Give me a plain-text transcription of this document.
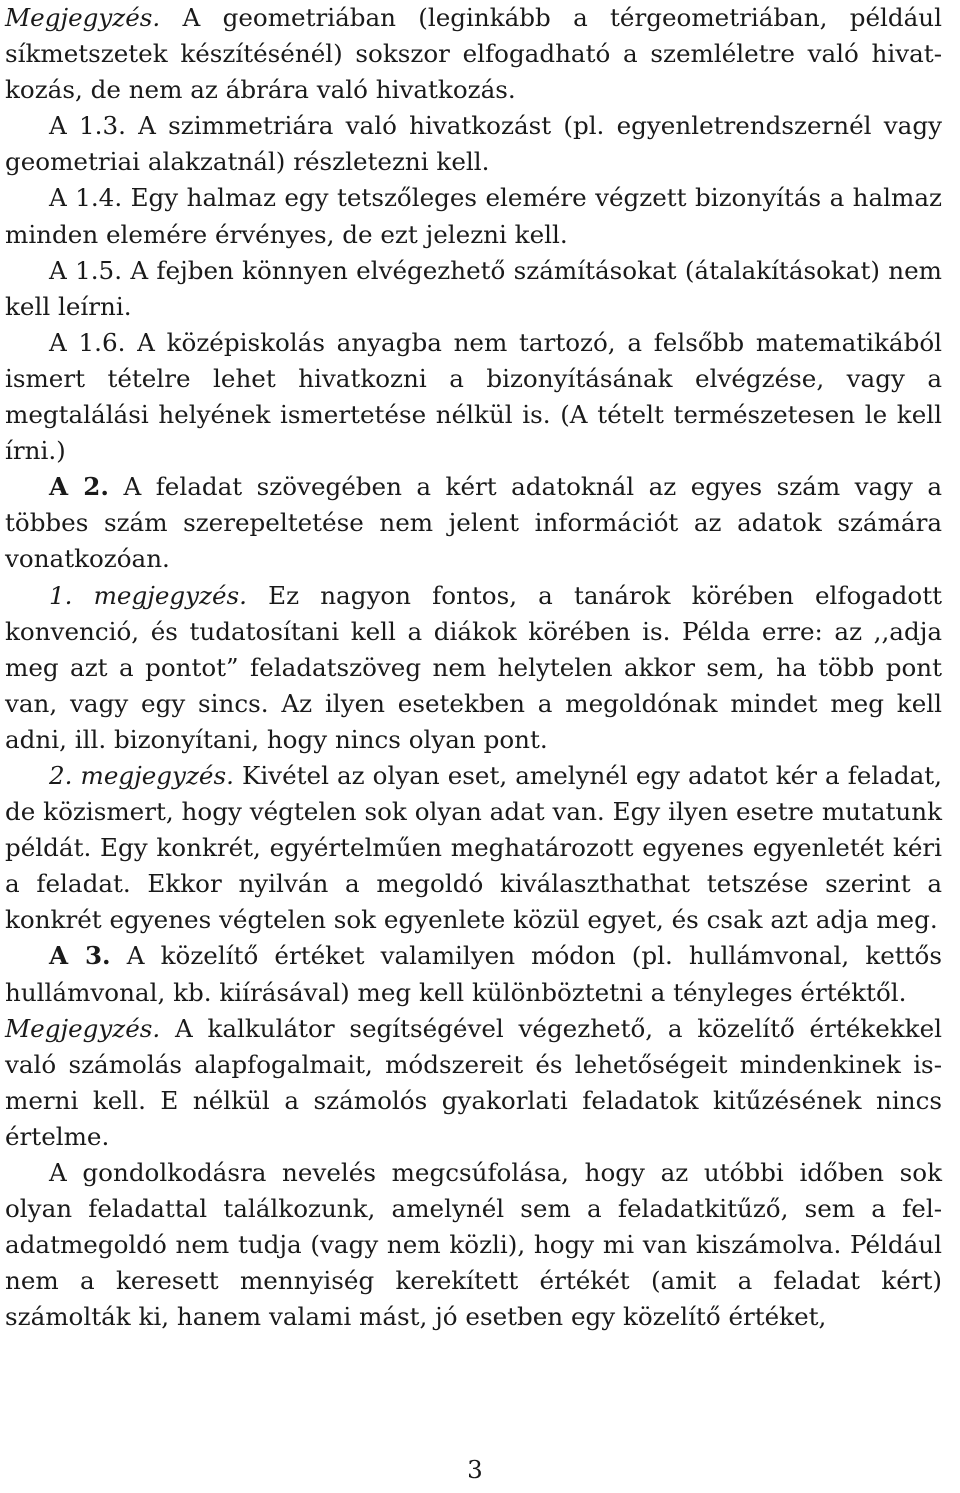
Megjegyzés. A geometriában (leginkább a térgeometriában, például síkmetszetek készítésénél) sokszor elfogadható a szemléletre való hivatkozás, de nem az ábrára való hivatkozás.

A 1.3. A szimmetriára való hivatkozást (pl. egyenletrendszernél vagy geometriai alakzatnál) részletezni kell.

A 1.4. Egy halmaz egy tetszőleges elemére végzett bizonyítás a halmaz minden elemére érvényes, de ezt jelezni kell.

A 1.5. A fejben könnyen elvégezhető számításokat (átalakításokat) nem kell leírni.

A 1.6. A középiskolás anyagba nem tartozó, a felsőbb matematikából ismert tételre lehet hivatkozni a bizonyításának elvégzése, vagy a megtalálási helyének ismertetése nélkül is. (A tételt természetesen le kell írni.)

A 2. A feladat szövegében a kért adatoknál az egyes szám vagy a többes szám szerepeltetése nem jelent információt az adatok számára vonatkozóan.

1. megjegyzés. Ez nagyon fontos, a tanárok körében elfogadott konvenció, és tudatosítani kell a diákok körében is. Példa erre: az ,,adja meg azt a pontot” feladatszöveg nem helytelen akkor sem, ha több pont van, vagy egy sincs. Az ilyen esetekben a megoldónak mindet meg kell adni, ill. bizonyítani, hogy nincs olyan pont.

2. megjegyzés. Kivétel az olyan eset, amelynél egy adatot kér a feladat, de közismert, hogy végtelen sok olyan adat van. Egy ilyen esetre mutatunk példát. Egy konkrét, egyértelműen meghatározott egyenes egyenletét kéri a feladat. Ekkor nyilván a megoldó kiválaszthathat tetszése szerint a konkrét egyenes végtelen sok egyenlete közül egyet, és csak azt adja meg.

A 3. A közelítő értéket valamilyen módon (pl. hullámvonal, kettős hullámvonal, kb. kiírásával) meg kell különböztetni a tényleges értéktől.

Megjegyzés. A kalkulátor segítségével végezhető, a közelítő értékekkel való számolás alapfogalmait, módszereit és lehetőségeit mindenkinek ismerni kell. E nélkül a számolós gyakorlati feladatok kitűzésének nincs értelme.

A gondolkodásra nevelés megcsúfolása, hogy az utóbbi időben sok olyan feladattal találkozunk, amelynél sem a feladatkitűző, sem a feladatmegoldó nem tudja (vagy nem közli), hogy mi van kiszámolva. Például nem a keresett mennyiség kerekített értékét (amit a feladat kért) számolták ki, hanem valami mást, jó esetben egy közelítő értéket,

3
